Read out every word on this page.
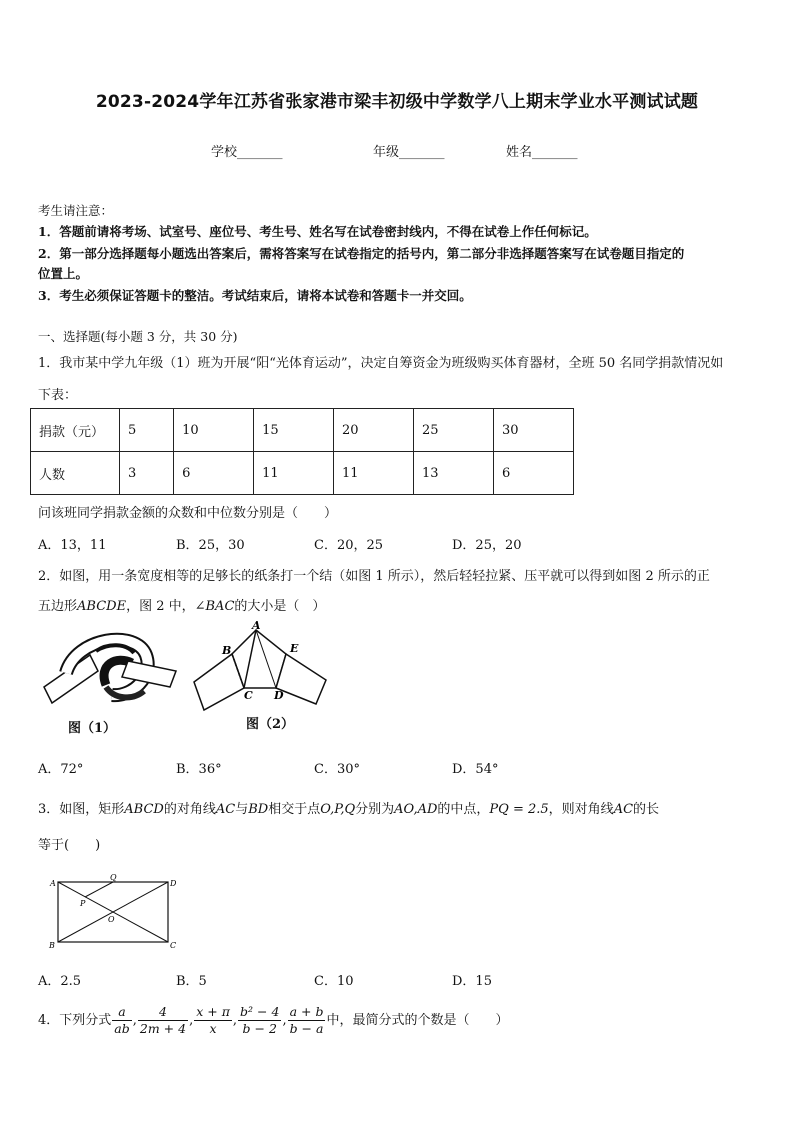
2023-2024学年江苏省张家港市梁丰初级中学数学八上期末学业水平测试试题
学校_______	年级_______	姓名_______
考生请注意：
1．答题前请将考场、试室号、座位号、考生号、姓名写在试卷密封线内，不得在试卷上作任何标记。
2．第一部分选择题每小题选出答案后，需将答案写在试卷指定的括号内，第二部分非选择题答案写在试卷题目指定的
位置上。
3．考生必须保证答题卡的整洁。考试结束后，请将本试卷和答题卡一并交回。
一、选择题(每小题 3 分，共 30 分)
1．我市某中学九年级（1）班为开展“阳“光体育运动”，决定自筹资金为班级购买体育器材，全班 50 名同学捐款情况如
下表：
捐款（元）	5	10	15	20	25	30
人数	3	6	11	11	13	6
问该班同学捐款金额的众数和中位数分别是（　　）
A．13，11	B．25，30	C．20，25	D．25，20
2．如图，用一条宽度相等的足够长的纸条打一个结（如图 1 所示），然后轻轻拉紧、压平就可以得到如图 2 所示的正
五边形ABCDE，图 2 中，∠BAC的大小是（　）
图（1）
A
B
C D
E
图（2）
A．72°	B．36°	C．30°	D．54°
3．如图，矩形ABCD的对角线AC与BD相交于点O,P,Q分别为AO,AD的中点，PQ = 2.5，则对角线AC的长
等于(　　)
A
Q
D
P
O
B	C
A．2.5	B．5	C．10	D．15
4．下列分式 $\frac{a}{ab}$ , $\frac{4}{2m + 4}$ , $\frac{x + \pi}{x}$ , $\frac{\text{b² − 4}}{b - 2}$ , $\frac{a + b}{b - a}$ 中，最简分式的个数是（　　）
